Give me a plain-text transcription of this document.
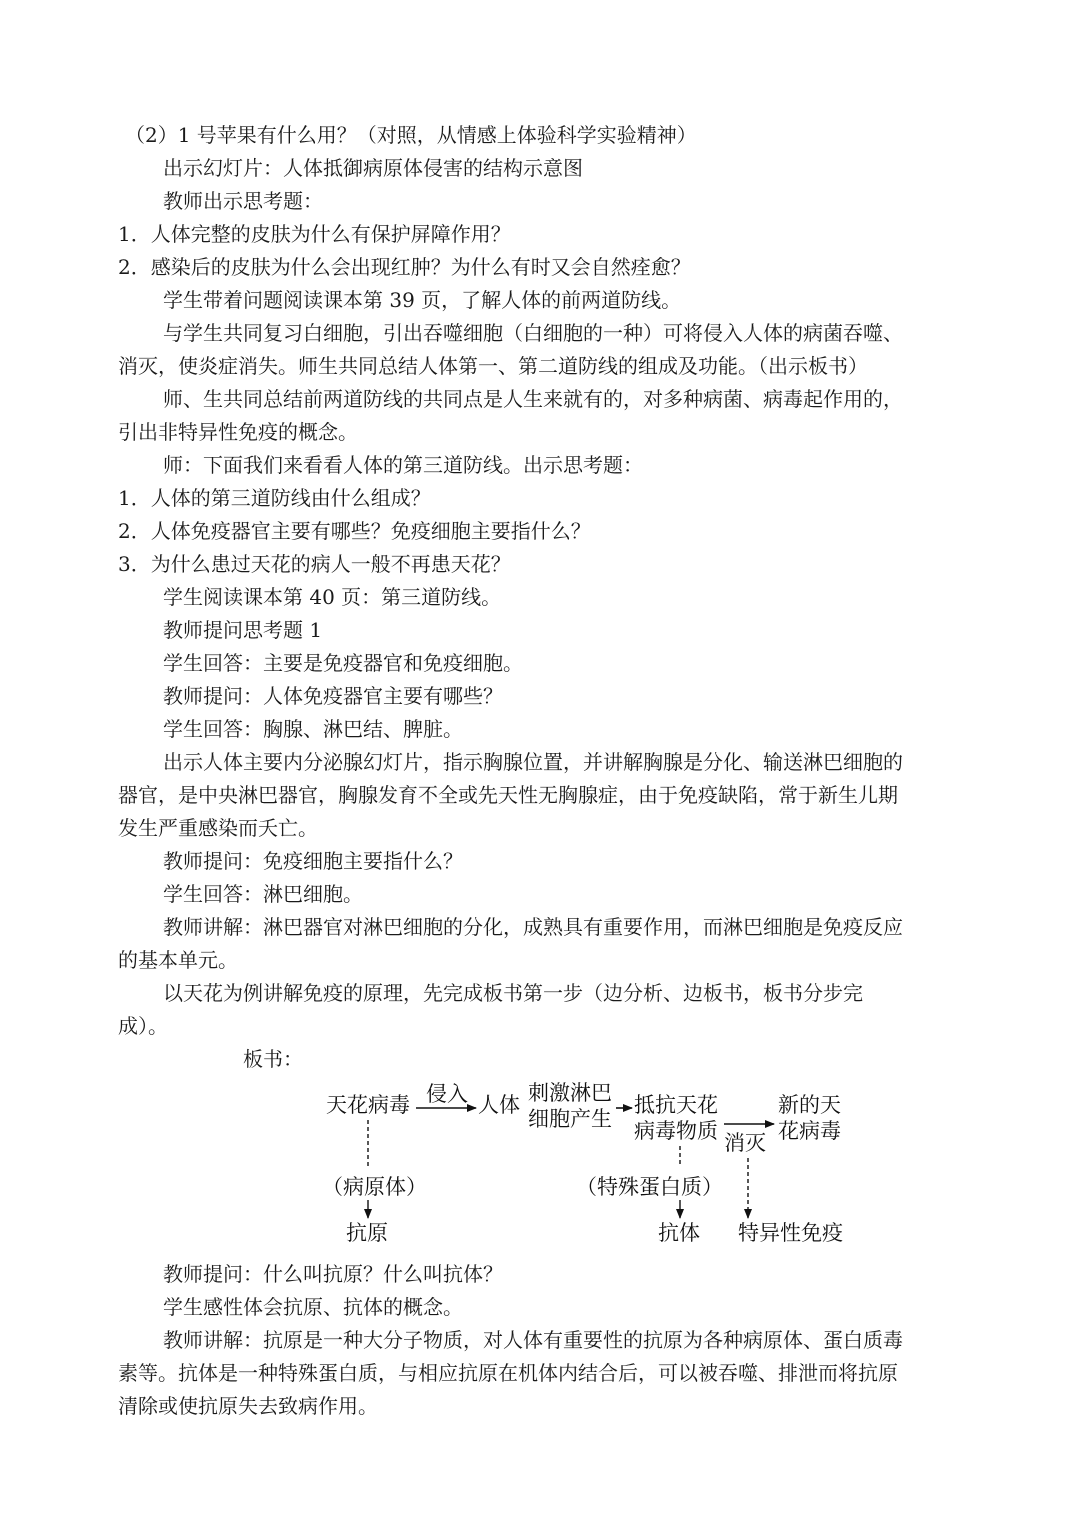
（2）1 号苹果有什么用？（对照，从情感上体验科学实验精神）

出示幻灯片：人体抵御病原体侵害的结构示意图

教师出示思考题：

1．人体完整的皮肤为什么有保护屏障作用？

2．感染后的皮肤为什么会出现红肿？为什么有时又会自然痊愈？

学生带着问题阅读课本第 39 页，了解人体的前两道防线。

与学生共同复习白细胞，引出吞噬细胞（白细胞的一种）可将侵入人体的病菌吞噬、

消灭，使炎症消失。师生共同总结人体第一、第二道防线的组成及功能。（出示板书）

师、生共同总结前两道防线的共同点是人生来就有的，对多种病菌、病毒起作用的，

引出非特异性免疫的概念。

师：下面我们来看看人体的第三道防线。出示思考题：

1．人体的第三道防线由什么组成？

2．人体免疫器官主要有哪些？免疫细胞主要指什么？

3．为什么患过天花的病人一般不再患天花？

学生阅读课本第 40 页：第三道防线。

教师提问思考题 1

学生回答：主要是免疫器官和免疫细胞。

教师提问：人体免疫器官主要有哪些？

学生回答：胸腺、淋巴结、脾脏。

出示人体主要内分泌腺幻灯片，指示胸腺位置，并讲解胸腺是分化、输送淋巴细胞的

器官，是中央淋巴器官，胸腺发育不全或先天性无胸腺症，由于免疫缺陷，常于新生儿期

发生严重感染而夭亡。

教师提问：免疫细胞主要指什么？

学生回答：淋巴细胞。

教师讲解：淋巴器官对淋巴细胞的分化，成熟具有重要作用，而淋巴细胞是免疫反应

的基本单元。

以天花为例讲解免疫的原理，先完成板书第一步（边分析、边板书，板书分步完

成）。

板书：

天花病毒 侵入 人体 刺激淋巴
细胞产生
抵抗天花
病毒物质 消灭
新的天
花病毒
（病原体）
抗原
（特殊蛋白质）
抗体 特异性免疫

教师提问：什么叫抗原？什么叫抗体？

学生感性体会抗原、抗体的概念。

教师讲解：抗原是一种大分子物质，对人体有重要性的抗原为各种病原体、蛋白质毒

素等。抗体是一种特殊蛋白质，与相应抗原在机体内结合后，可以被吞噬、排泄而将抗原

清除或使抗原失去致病作用。
